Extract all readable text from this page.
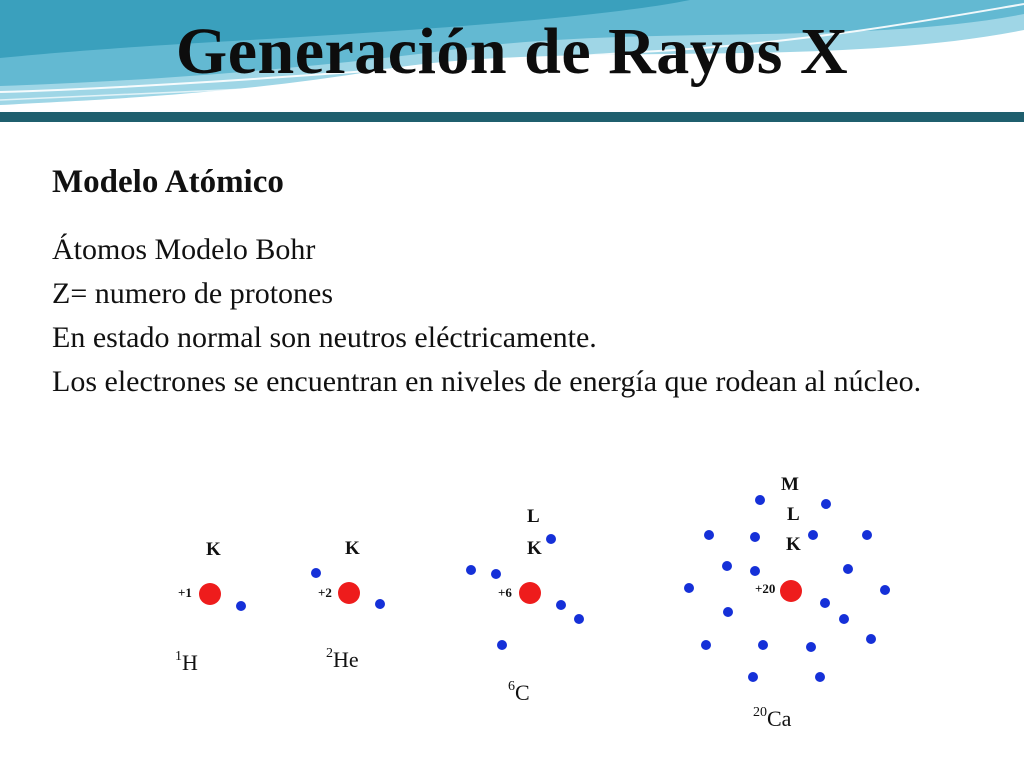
Generación de Rayos X
Modelo Atómico
Átomos Modelo Bohr
Z= numero de protones
En estado normal son neutros eléctricamente.
Los electrones se encuentran en niveles de energía que rodean al núcleo.
K
+1
$^1$H
K
+2
$^2$He
L
K
+6
$^6$C
M
L
K
+20
$^{20}$Ca
